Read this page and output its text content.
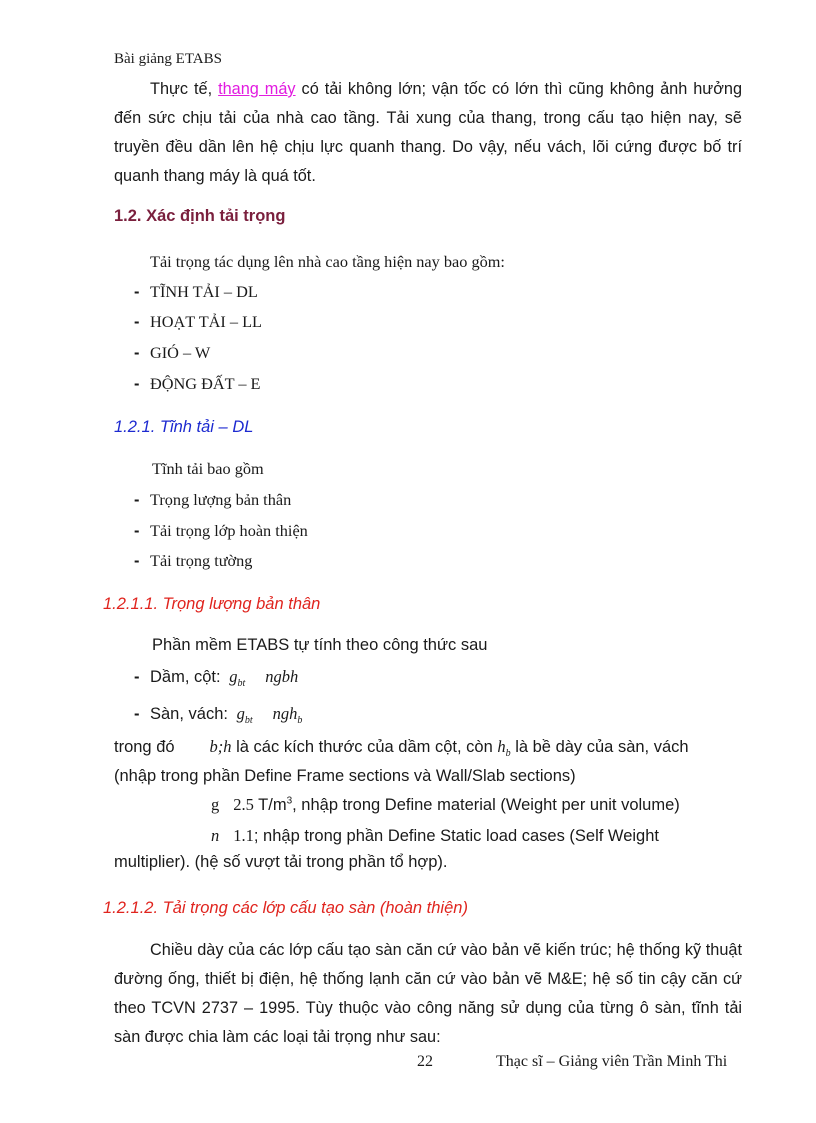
Bài giảng ETABS
Thực tế, thang máy có tải không lớn; vận tốc có lớn thì cũng không ảnh hưởng đến sức chịu tải của nhà cao tầng. Tải xung của thang, trong cấu tạo hiện nay, sẽ truyền đều dần lên hệ chịu lực quanh thang. Do vậy, nếu vách, lõi cứng được bố trí quanh thang máy là quá tốt.
1.2. Xác định tải trọng
Tải trọng tác dụng lên nhà cao tầng hiện nay bao gồm:
- TĨNH TẢI – DL
- HOẠT TẢI – LL
- GIÓ – W
- ĐỘNG ĐẤT – E
1.2.1. Tĩnh tải – DL
Tĩnh tải bao gồm
- Trọng lượng bản thân
- Tải trọng lớp hoàn thiện
- Tải trọng tường
1.2.1.1. Trọng lượng bản thân
Phần mềm ETABS tự tính theo công thức sau
- Dầm, cột: $g_{bt}$ ngbh
- Sàn, vách: $g_{bt}$ ngh$_b$
trong đó b;h là các kích thước của dầm cột, còn $h_b$ là bề dày của sàn, vách
(nhập trong phần Define Frame sections và Wall/Slab sections)
g 2.5 $T/m^3$, nhập trong Define material (Weight per unit volume)
n 1.1; nhập trong phần Define Static load cases (Self Weight
multiplier). (hệ số vượt tải trong phần tổ hợp).
1.2.1.2. Tải trọng các lớp cấu tạo sàn (hoàn thiện)
Chiều dày của các lớp cấu tạo sàn căn cứ vào bản vẽ kiến trúc; hệ thống kỹ thuật đường ống, thiết bị điện, hệ thống lạnh căn cứ vào bản vẽ M&E; hệ số tin cậy căn cứ theo TCVN 2737 – 1995. Tùy thuộc vào công năng sử dụng của từng ô sàn, tĩnh tải sàn được chia làm các loại tải trọng như sau:
22	Thạc sĩ – Giảng viên Trần Minh Thi
